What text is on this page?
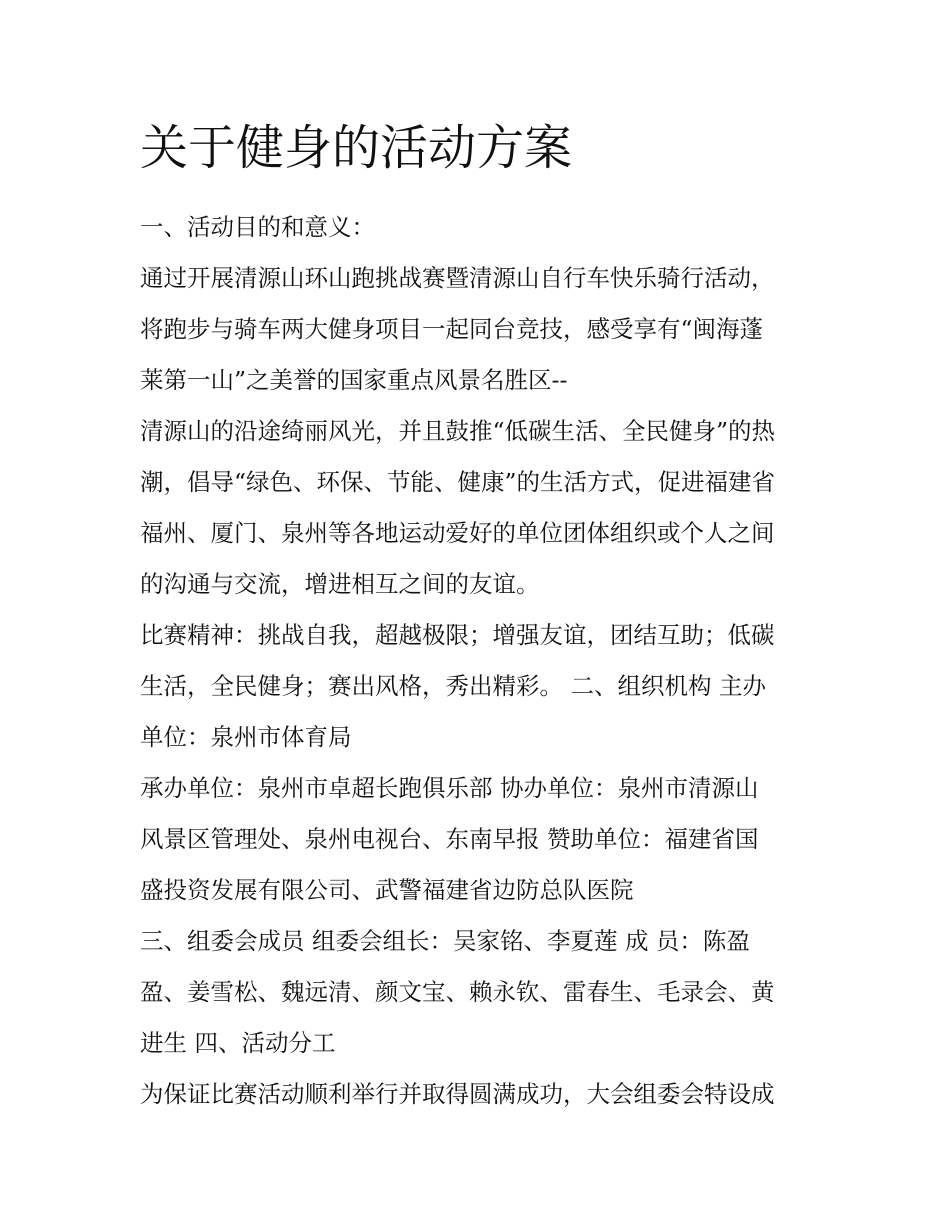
关于健身的活动方案

一、活动目的和意义：

通过开展清源山环山跑挑战赛暨清源山自行车快乐骑行活动，

将跑步与骑车两大健身项目一起同台竞技，感受享有“闽海蓬

莱第一山”之美誉的国家重点风景名胜区--

清源山的沿途绮丽风光，并且鼓推“低碳生活、全民健身”的热

潮，倡导“绿色、环保、节能、健康”的生活方式，促进福建省

福州、厦门、泉州等各地运动爱好的单位团体组织或个人之间

的沟通与交流，增进相互之间的友谊。

比赛精神：挑战自我，超越极限；增强友谊，团结互助；低碳

生活，全民健身；赛出风格，秀出精彩。 二、组织机构 主办

单位：泉州市体育局

承办单位：泉州市卓超长跑俱乐部 协办单位：泉州市清源山

风景区管理处、泉州电视台、东南早报 赞助单位：福建省国

盛投资发展有限公司、武警福建省边防总队医院

三、组委会成员 组委会组长：吴家铭、李夏莲 成 员：陈盈

盈、姜雪松、魏远清、颜文宝、赖永钦、雷春生、毛录会、黄

进生 四、活动分工

为保证比赛活动顺利举行并取得圆满成功，大会组委会特设成
